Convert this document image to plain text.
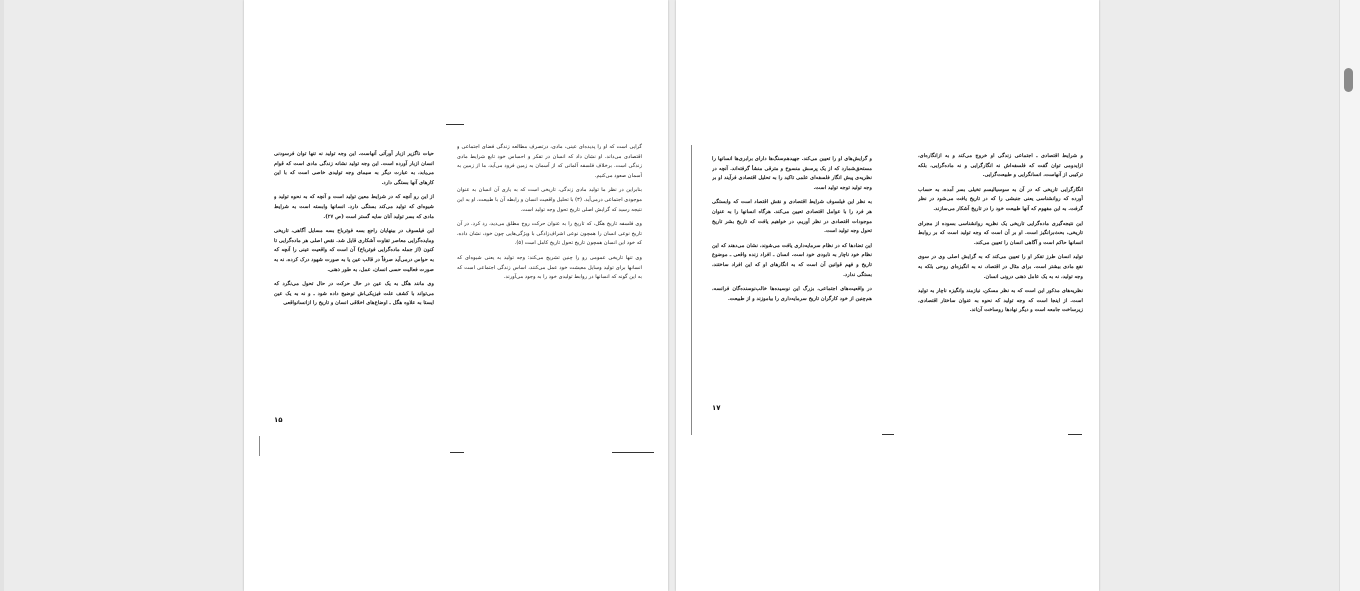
حیات ناگزیر ازبار آورآتی آنهاست. این وجه تولید نه تنها توان فرسودنی انسان ازبار آورده است. این وجه تولید نشانه زندگی مادی است که قوام می‌یابد، به عبارت دیگر به سیمای وجه تولیدی خاصی است که با این کارهای آنها بستگی دارد.

از این رو آنچه که در شرایط معین تولید است و آنچه که به نحوه تولید و شیوه‌ای که تولید می‌کند بستگی دارد. انسانها وابسته است به شرایط مادی که بسر تولید آنان سایه گستر است (ص ۲۷).

این فیلسوف در بینهایان راجع بسه فوئرباخ بسه مسایل آگاهی، تاریخی ومایده‌گرایی معاصر تفاوت آشکاری قایل شد. نقص اصلی هر ماده‌گرایی تا کنون (از جمله ماده‌گرایی فوئرباخ) آن است که واقعیت عینی را آنچه که به حواس درمی‌آید صرفاً در قالب عین یا به صورت شهود درک کرده، نه به صورت فعالیت حسی انسان، عمل، به طور ذهنی.

وی مانند هگل به یک عین در حال حرکت در حال تحول می‌نگرد که می‌تواند با کشف علت فیزیکی‌اش توضیح داده شود ـ و نه به یک عین ایستا به علاوه هگل ـ اوضاع‌های اخلاقی انسان و تاریخ را ازانسانواقعی

۱۵

گرایی است که او را پدیده‌ای عینی، مادی، درتصرف مطالعه زندگی فضای اجتماعی و اقتصادی می‌داند. او نشان داد که انسان در تفکر و احساس خود تابع شرایط مادی زندگی است. برخلاف فلسفه آلمانی که از آسمان به زمین فرود می‌آید، ما از زمین به آسمان صعود می‌کنیم.

بنابراین در نظر ما تولید مادی زندگی، تاریخی است که به یاری آن انسان به عنوان موجودی اجتماعی درمی‌آید. (۳) با تحلیل واقعیت انسان و رابطه آن با طبیعت، او به این نتیجه رسید که گرایش اصلی تاریخ تحول وجه تولید است.

وی فلسفه تاریخ هگل، که تاریخ را به عنوان حرکت روح مطلق می‌دید، رد کرد. در آن تاریخ نوعی انسان را همچون نوعی اشراف‌زادگی با ویژگی‌هایی چون خود، نشان داده، که خود این انسان همچون تاریخ تحول تاریخ کامل است (۵).

وی تنها تاریخی عمومی رو را چنین تشریح می‌کند: وجه تولید به یعنی شیوه‌ای که انسانها برای تولید وسایل معیشت خود عمل می‌کنند، اساس زندگی اجتماعی است که به این گونه که انسانها در روابط تولیدی خود را به وجود می‌آورند.

و گرایش‌های او را تعیین می‌کند. جهیدهم‌سنگ‌ها دارای برابری‌ها انسانها را مستحق‌شمارد که از یک پرسش منسوخ و مترقی منشأ گرفته‌اند. آنچه در نظریه‌ی پیش انگار فلسفه‌ای علمی تاکید را به تحلیل اقتصادی فرآیند او بر وجه تولید توجه تولید است.

به نظر این فیلسوف شرایط اقتصادی و نقش اقتصاد است که وابستگی هر فرد را با عوامل اقتصادی تعیین می‌کند. هرگاه انسانها را به عنوان موجودات اقتصادی در نظر آوریم، در خواهیم یافت که تاریخ بشر تاریخ تحول وجه تولید است.

این تضادها که در نظام سرمایه‌داری یافت می‌شوند، نشان می‌دهند که این نظام خود ناچار به نابودی خود است. انسان ـ افراد زنده واقعی ـ موضوع تاریخ و فهم قوانین آن است که به انگارهای او که این افراد ساختند، بستگی ندارد.

در واقعیت‌های اجتماعی، بزرگ این نوسیده‌ها خالب‌نوسنده‌گان فرانسه، هم‌چنین از خود کارگران تاریخ سرمایه‌داری را بیاموزند و از طبیعت.

۱۷

و شرایط اقتصادی ـ اجتماعی زندگی او خروج می‌کند و به ازانگاره‌ای، ازایدومی توان گفت که فلسفه‌اش نه انگارگرایی و نه ماده‌گرایی، بلکه ترکیبی از آنهاست، انسانگرایی و طبیعت‌گرایی.

انگارگرایی تاریخی که در آن به سوسیالیسم تخیلی بسر آمده، به حساب آورده که روانشناسی یعنی جنبشی را که در تاریخ یافت می‌شود در نظر گرفت. به این مفهوم که آنها طبیعت خود را در تاریخ آشکار می‌سازند.

این نتیجه‌گیری ماده‌گرایی تاریخی یک نظریه روانشناسی بسوده از مجرای تاریخی، بحث‌برانگیز است. او بر آن است که وجه تولید است که بر روابط انسانها حاکم است و آگاهی انسان را تعیین می‌کند.

تولید انسان طرز تفکر او را تعیین می‌کند که به گرایش اصلی وی در سوی نفع مادی بیشتر است. برای مثال در اقتصاد، نه به انگیزه‌ای روحی بلکه به وجه تولید، نه به یک عامل ذهنی درونی انسان.

نظریه‌های مذکور این است که به نظر مسکن، نیازمند وانگیزه ناچار به تولید است. از اینجا است که وجه تولید که نحوه به عنوان ساختار اقتصادی، زیرساخت جامعه است و دیگر نهادها روساخت آن‌اند.
